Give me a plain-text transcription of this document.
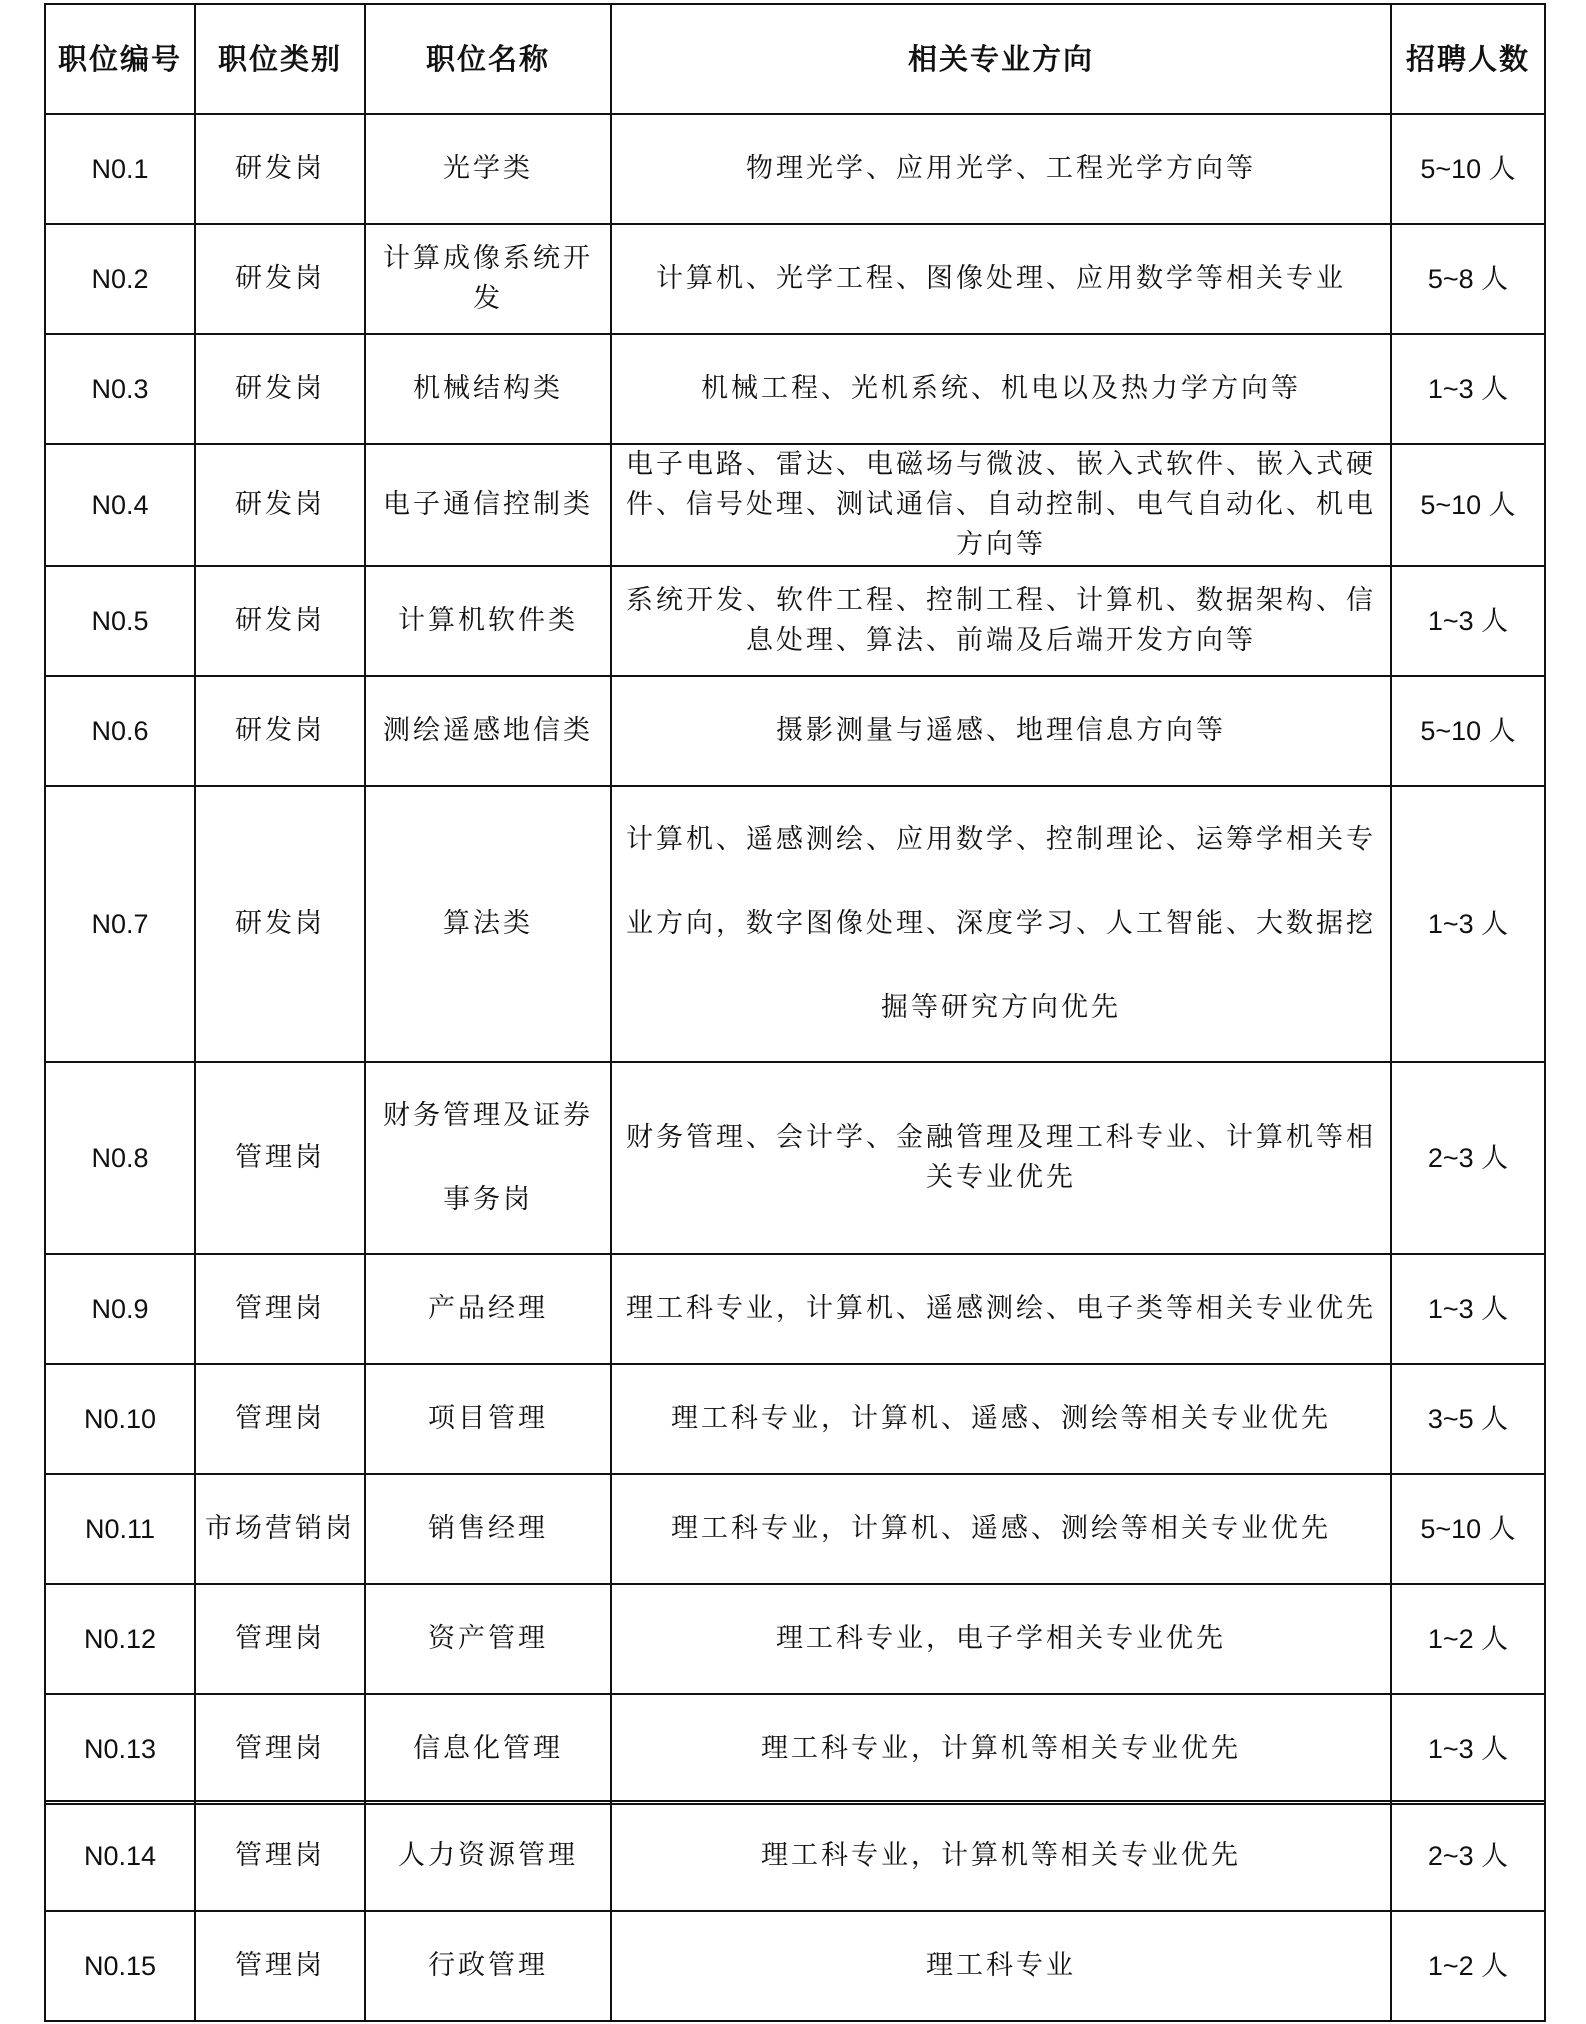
职位编号	职位类别	职位名称	相关专业方向	招聘人数
N0.1	研发岗	光学类	物理光学、应用光学、工程光学方向等	5~10 人
N0.2	研发岗	计算成像系统开发	计算机、光学工程、图像处理、应用数学等相关专业	5~8 人
N0.3	研发岗	机械结构类	机械工程、光机系统、机电以及热力学方向等	1~3 人
N0.4	研发岗	电子通信控制类	电子电路、雷达、电磁场与微波、嵌入式软件、嵌入式硬件、信号处理、测试通信、自动控制、电气自动化、机电方向等	5~10 人
N0.5	研发岗	计算机软件类	系统开发、软件工程、控制工程、计算机、数据架构、信息处理、算法、前端及后端开发方向等	1~3 人
N0.6	研发岗	测绘遥感地信类	摄影测量与遥感、地理信息方向等	5~10 人
N0.7	研发岗	算法类	计算机、遥感测绘、应用数学、控制理论、运筹学相关专业方向，数字图像处理、深度学习、人工智能、大数据挖掘等研究方向优先	1~3 人
N0.8	管理岗	财务管理及证券事务岗	财务管理、会计学、金融管理及理工科专业、计算机等相关专业优先	2~3 人
N0.9	管理岗	产品经理	理工科专业，计算机、遥感测绘、电子类等相关专业优先	1~3 人
N0.10	管理岗	项目管理	理工科专业，计算机、遥感、测绘等相关专业优先	3~5 人
N0.11	市场营销岗	销售经理	理工科专业，计算机、遥感、测绘等相关专业优先	5~10 人
N0.12	管理岗	资产管理	理工科专业，电子学相关专业优先	1~2 人
N0.13	管理岗	信息化管理	理工科专业，计算机等相关专业优先	1~3 人
N0.14	管理岗	人力资源管理	理工科专业，计算机等相关专业优先	2~3 人
N0.15	管理岗	行政管理	理工科专业	1~2 人
